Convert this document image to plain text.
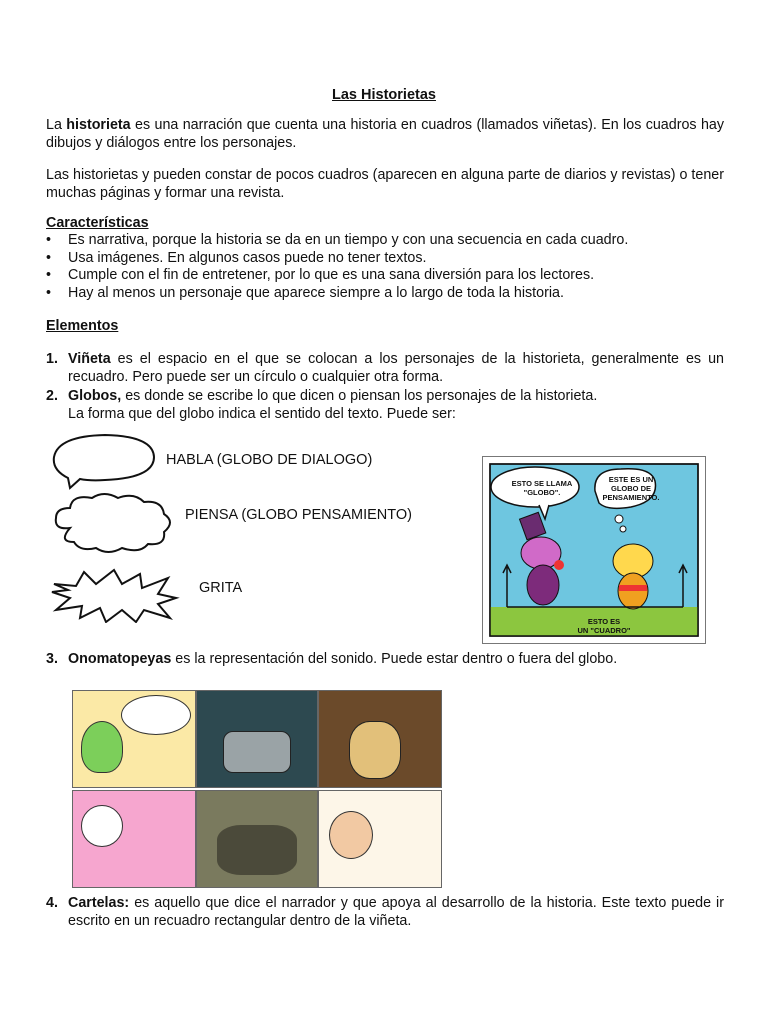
Las Historietas
La historieta es una narración que cuenta una historia en cuadros (llamados viñetas). En los cuadros hay dibujos y diálogos entre los personajes.
Las historietas y pueden constar de pocos cuadros (aparecen en alguna parte de diarios y revistas) o tener muchas páginas y formar una revista.
Características
• Es narrativa, porque la historia se da en un tiempo y con una secuencia en cada cuadro.
• Usa imágenes. En algunos casos puede no tener textos.
• Cumple con el fin de entretener, por lo que es una sana diversión para los lectores.
• Hay al menos un personaje que aparece siempre a lo largo de toda la historia.
Elementos
1. Viñeta es el espacio en el que se colocan a los personajes de la historieta, generalmente es un recuadro. Pero puede ser un círculo o cualquier otra forma.
2. Globos, es donde se escribe lo que dicen o piensan los personajes de la historieta.
La forma que del globo indica el sentido del texto. Puede ser:
HABLA (GLOBO DE DIALOGO)
PIENSA (GLOBO PENSAMIENTO)
GRITA
ESTO SE LLAMA "GLOBO".
ESTE ES UN GLOBO DE PENSAMIENTO.
ESTO ES
UN "CUADRO"
3. Onomatopeyas es la representación del sonido. Puede estar dentro o fuera del globo.
4. Cartelas: es aquello que dice el narrador y que apoya al desarrollo de la historia. Este texto puede ir escrito en un recuadro rectangular dentro de la viñeta.
